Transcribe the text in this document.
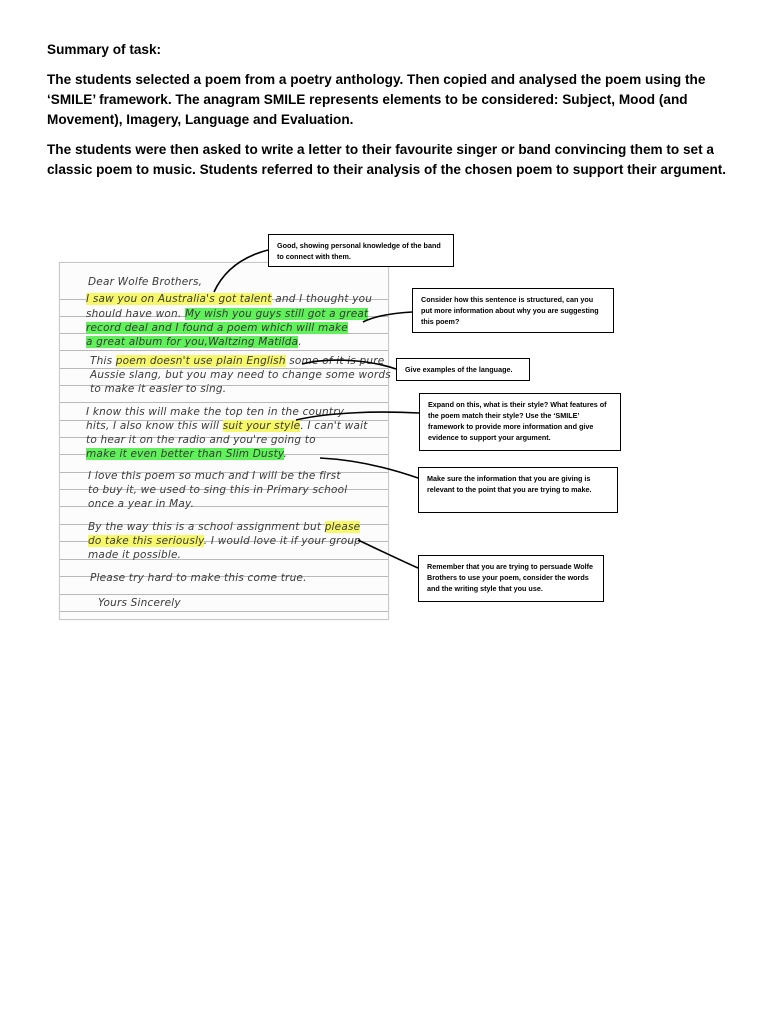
Summary of task:

The students selected a poem from a poetry anthology. Then copied and analysed the poem using the ‘SMILE’ framework. The anagram SMILE represents elements to be considered: Subject, Mood (and Movement), Imagery, Language and Evaluation.

The students were then asked to write a letter to their favourite singer or band convincing them to set a classic poem to music. Students referred to their analysis of the chosen poem to support their argument.

Dear Wolfe Brothers,
I saw you on Australia's got talent and I thought you
should have won. My wish you guys still got a great
record deal and I found a poem which will make
a great album for you,Waltzing Matilda.
This poem doesn't use plain English some of it is pure
Aussie slang, but you may need to change some words
to make it easier to sing.
I know this will make the top ten in the country
hits, I also know this will suit your style. I can't wait
to hear it on the radio and you're going to
make it even better than Slim Dusty.
I love this poem so much and I will be the first
to buy it, we used to sing this in Primary school
once a year in May.
By the way this is a school assignment but please
do take this seriously. I would love it if your group
made it possible.
Please try hard to make this come true.
Yours Sincerely
Good, showing personal knowledge of the band to connect with them.
Consider how this sentence is structured, can you put more information about why you are suggesting this poem?
Give examples of the language.
Expand on this, what is their style? What features of the poem match their style? Use the ‘SMILE’ framework to provide more information and give evidence to support your argument.
Make sure the information that you are giving is relevant to the point that you are trying to make.
Remember that you are trying to persuade Wolfe Brothers to use your poem, consider the words and the writing style that you use.
